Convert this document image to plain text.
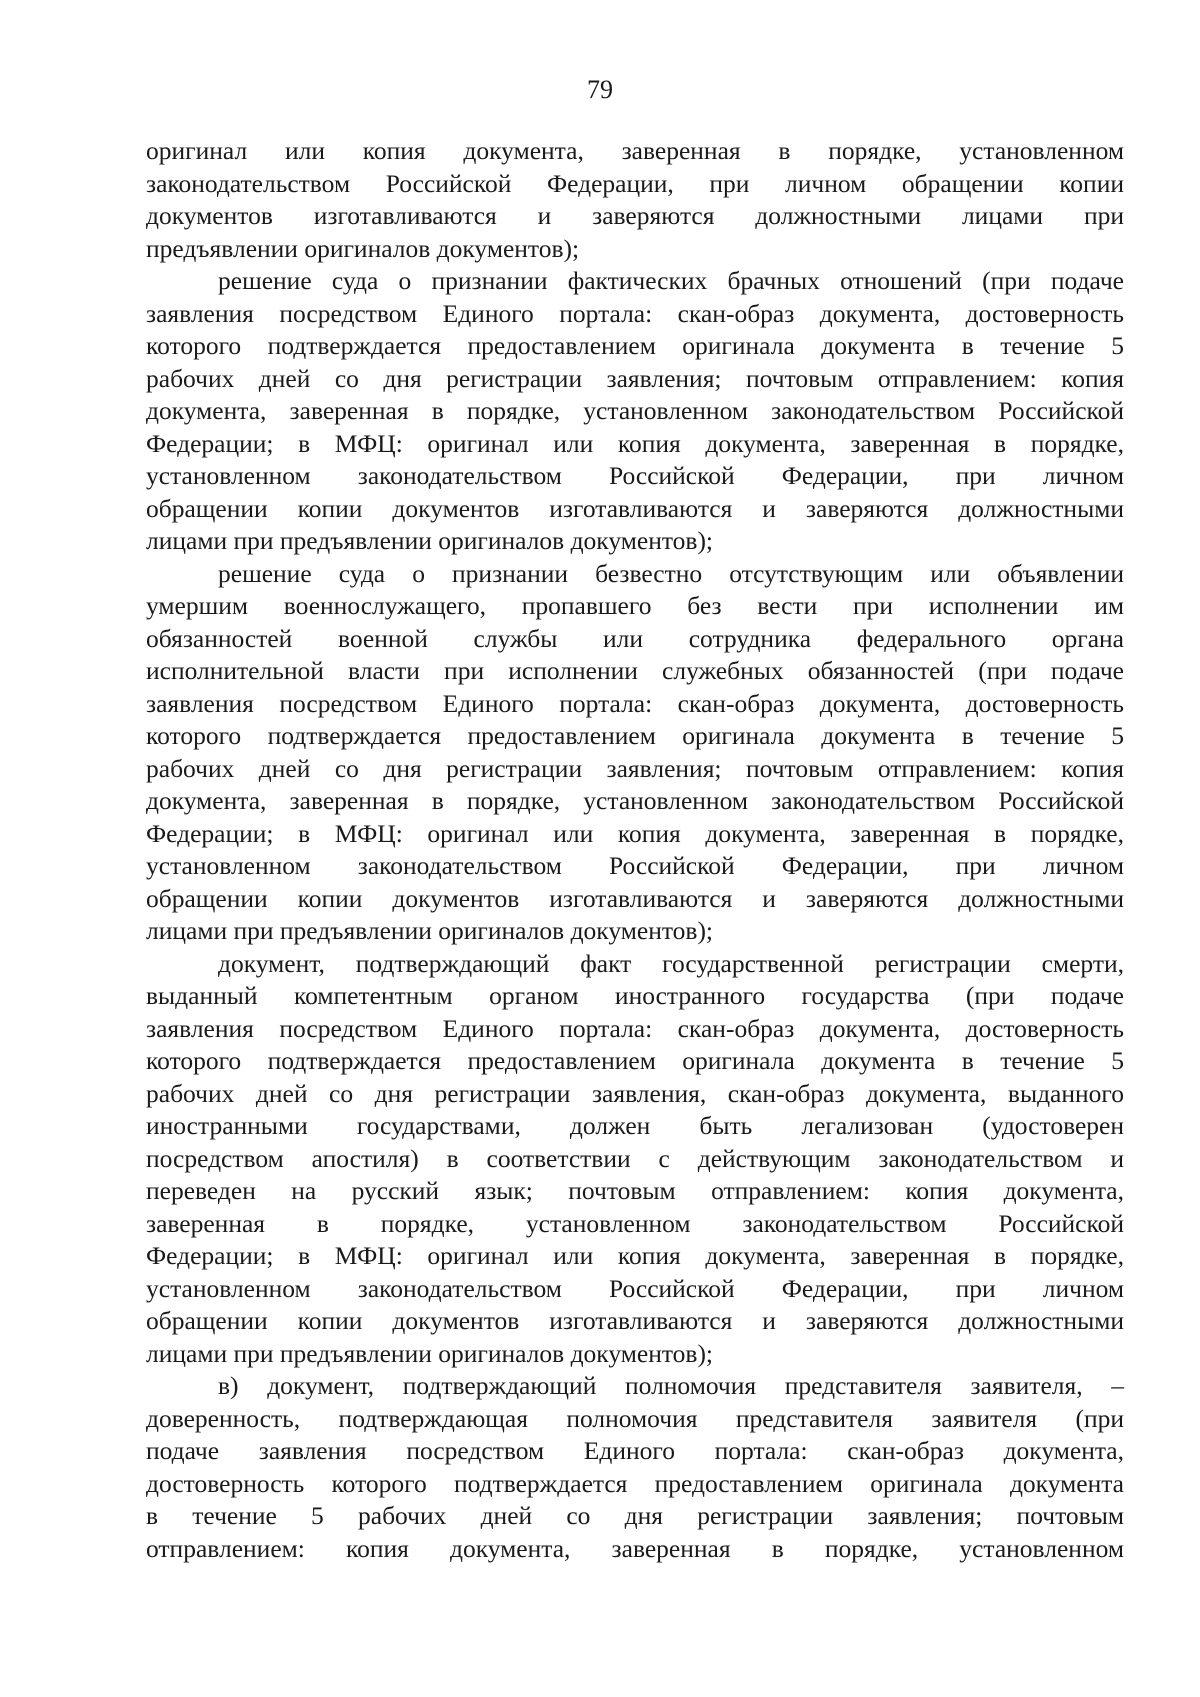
79
оригинал или копия документа, заверенная в порядке, установленном
законодательством Российской Федерации, при личном обращении копии
документов изготавливаются и заверяются должностными лицами при
предъявлении оригиналов документов);
решение суда о признании фактических брачных отношений (при подаче
заявления посредством Единого портала: скан-образ документа, достоверность
которого подтверждается предоставлением оригинала документа в течение 5
рабочих дней со дня регистрации заявления; почтовым отправлением: копия
документа, заверенная в порядке, установленном законодательством Российской
Федерации; в МФЦ: оригинал или копия документа, заверенная в порядке,
установленном законодательством Российской Федерации, при личном
обращении копии документов изготавливаются и заверяются должностными
лицами при предъявлении оригиналов документов);
решение суда о признании безвестно отсутствующим или объявлении
умершим военнослужащего, пропавшего без вести при исполнении им
обязанностей военной службы или сотрудника федерального органа
исполнительной власти при исполнении служебных обязанностей (при подаче
заявления посредством Единого портала: скан-образ документа, достоверность
которого подтверждается предоставлением оригинала документа в течение 5
рабочих дней со дня регистрации заявления; почтовым отправлением: копия
документа, заверенная в порядке, установленном законодательством Российской
Федерации; в МФЦ: оригинал или копия документа, заверенная в порядке,
установленном законодательством Российской Федерации, при личном
обращении копии документов изготавливаются и заверяются должностными
лицами при предъявлении оригиналов документов);
документ, подтверждающий факт государственной регистрации смерти,
выданный компетентным органом иностранного государства (при подаче
заявления посредством Единого портала: скан-образ документа, достоверность
которого подтверждается предоставлением оригинала документа в течение 5
рабочих дней со дня регистрации заявления, скан-образ документа, выданного
иностранными государствами, должен быть легализован (удостоверен
посредством апостиля) в соответствии с действующим законодательством и
переведен на русский язык; почтовым отправлением: копия документа,
заверенная в порядке, установленном законодательством Российской
Федерации; в МФЦ: оригинал или копия документа, заверенная в порядке,
установленном законодательством Российской Федерации, при личном
обращении копии документов изготавливаются и заверяются должностными
лицами при предъявлении оригиналов документов);
в) документ, подтверждающий полномочия представителя заявителя, –
доверенность, подтверждающая полномочия представителя заявителя (при
подаче заявления посредством Единого портала: скан-образ документа,
достоверность которого подтверждается предоставлением оригинала документа
в течение 5 рабочих дней со дня регистрации заявления; почтовым
отправлением: копия документа, заверенная в порядке, установленном
